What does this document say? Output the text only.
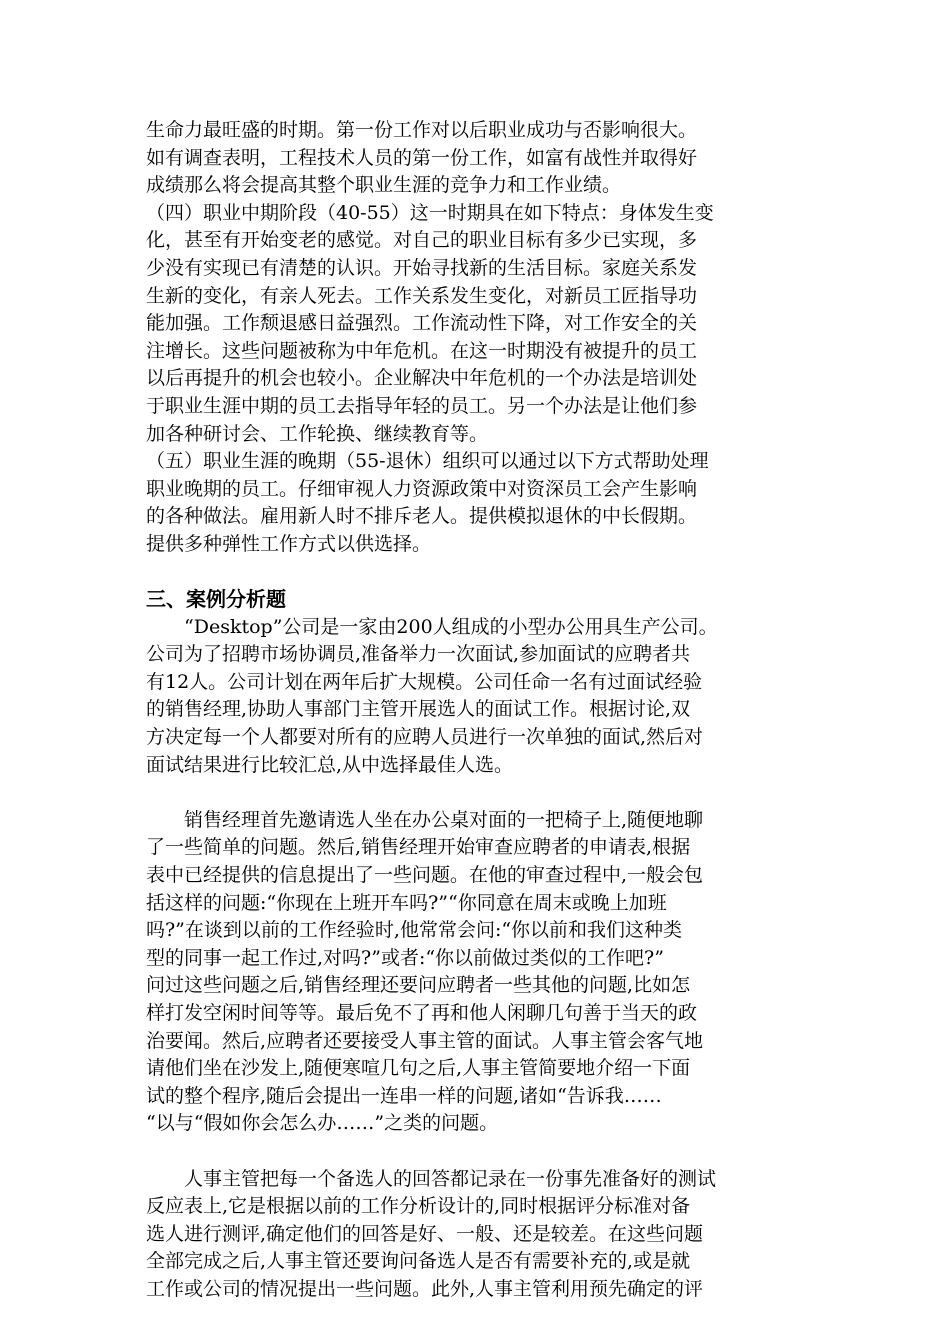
生命力最旺盛的时期。第一份工作对以后职业成功与否影响很大。
如有调查表明，工程技术人员的第一份工作，如富有战性并取得好
成绩那么将会提高其整个职业生涯的竞争力和工作业绩。
（四）职业中期阶段（40-55）这一时期具在如下特点：身体发生变
化，甚至有开始变老的感觉。对自己的职业目标有多少已实现，多
少没有实现已有清楚的认识。开始寻找新的生活目标。家庭关系发
生新的变化，有亲人死去。工作关系发生变化，对新员工匠指导功
能加强。工作颓退感日益强烈。工作流动性下降，对工作安全的关
注增长。这些问题被称为中年危机。在这一时期没有被提升的员工
以后再提升的机会也较小。企业解决中年危机的一个办法是培训处
于职业生涯中期的员工去指导年轻的员工。另一个办法是让他们参
加各种研讨会、工作轮换、继续教育等。
（五）职业生涯的晚期（55-退休）组织可以通过以下方式帮助处理
职业晚期的员工。仔细审视人力资源政策中对资深员工会产生影响
的各种做法。雇用新人时不排斥老人。提供模拟退休的中长假期。
提供多种弹性工作方式以供选择。
三、案例分析题
　　“Desktop”公司是一家由200人组成的小型办公用具生产公司。
公司为了招聘市场协调员,准备举力一次面试,参加面试的应聘者共
有12人。公司计划在两年后扩大规模。公司任命一名有过面试经验
的销售经理,协助人事部门主管开展选人的面试工作。根据讨论,双
方决定每一个人都要对所有的应聘人员进行一次单独的面试,然后对
面试结果进行比较汇总,从中选择最佳人选。
　　销售经理首先邀请选人坐在办公桌对面的一把椅子上,随便地聊
了一些简单的问题。然后,销售经理开始审查应聘者的申请表,根据
表中已经提供的信息提出了一些问题。在他的审查过程中,一般会包
括这样的问题:“你现在上班开车吗?”“你同意在周末或晚上加班
吗?”在谈到以前的工作经验时,他常常会问:“你以前和我们这种类
型的同事一起工作过,对吗?”或者:“你以前做过类似的工作吧?”
问过这些问题之后,销售经理还要问应聘者一些其他的问题,比如怎
样打发空闲时间等等。最后免不了再和他人闲聊几句善于当天的政
治要闻。然后,应聘者还要接受人事主管的面试。人事主管会客气地
请他们坐在沙发上,随便寒喧几句之后,人事主管简要地介绍一下面
试的整个程序,随后会提出一连串一样的问题,诸如“告诉我……
“以与“假如你会怎么办……”之类的问题。
　　人事主管把每一个备选人的回答都记录在一份事先准备好的测试
反应表上,它是根据以前的工作分析设计的,同时根据评分标准对备
选人进行测评,确定他们的回答是好、一般、还是较差。在这些问题
全部完成之后,人事主管还要询问备选人是否有需要补充的,或是就
工作或公司的情况提出一些问题。此外,人事主管利用预先确定的评
